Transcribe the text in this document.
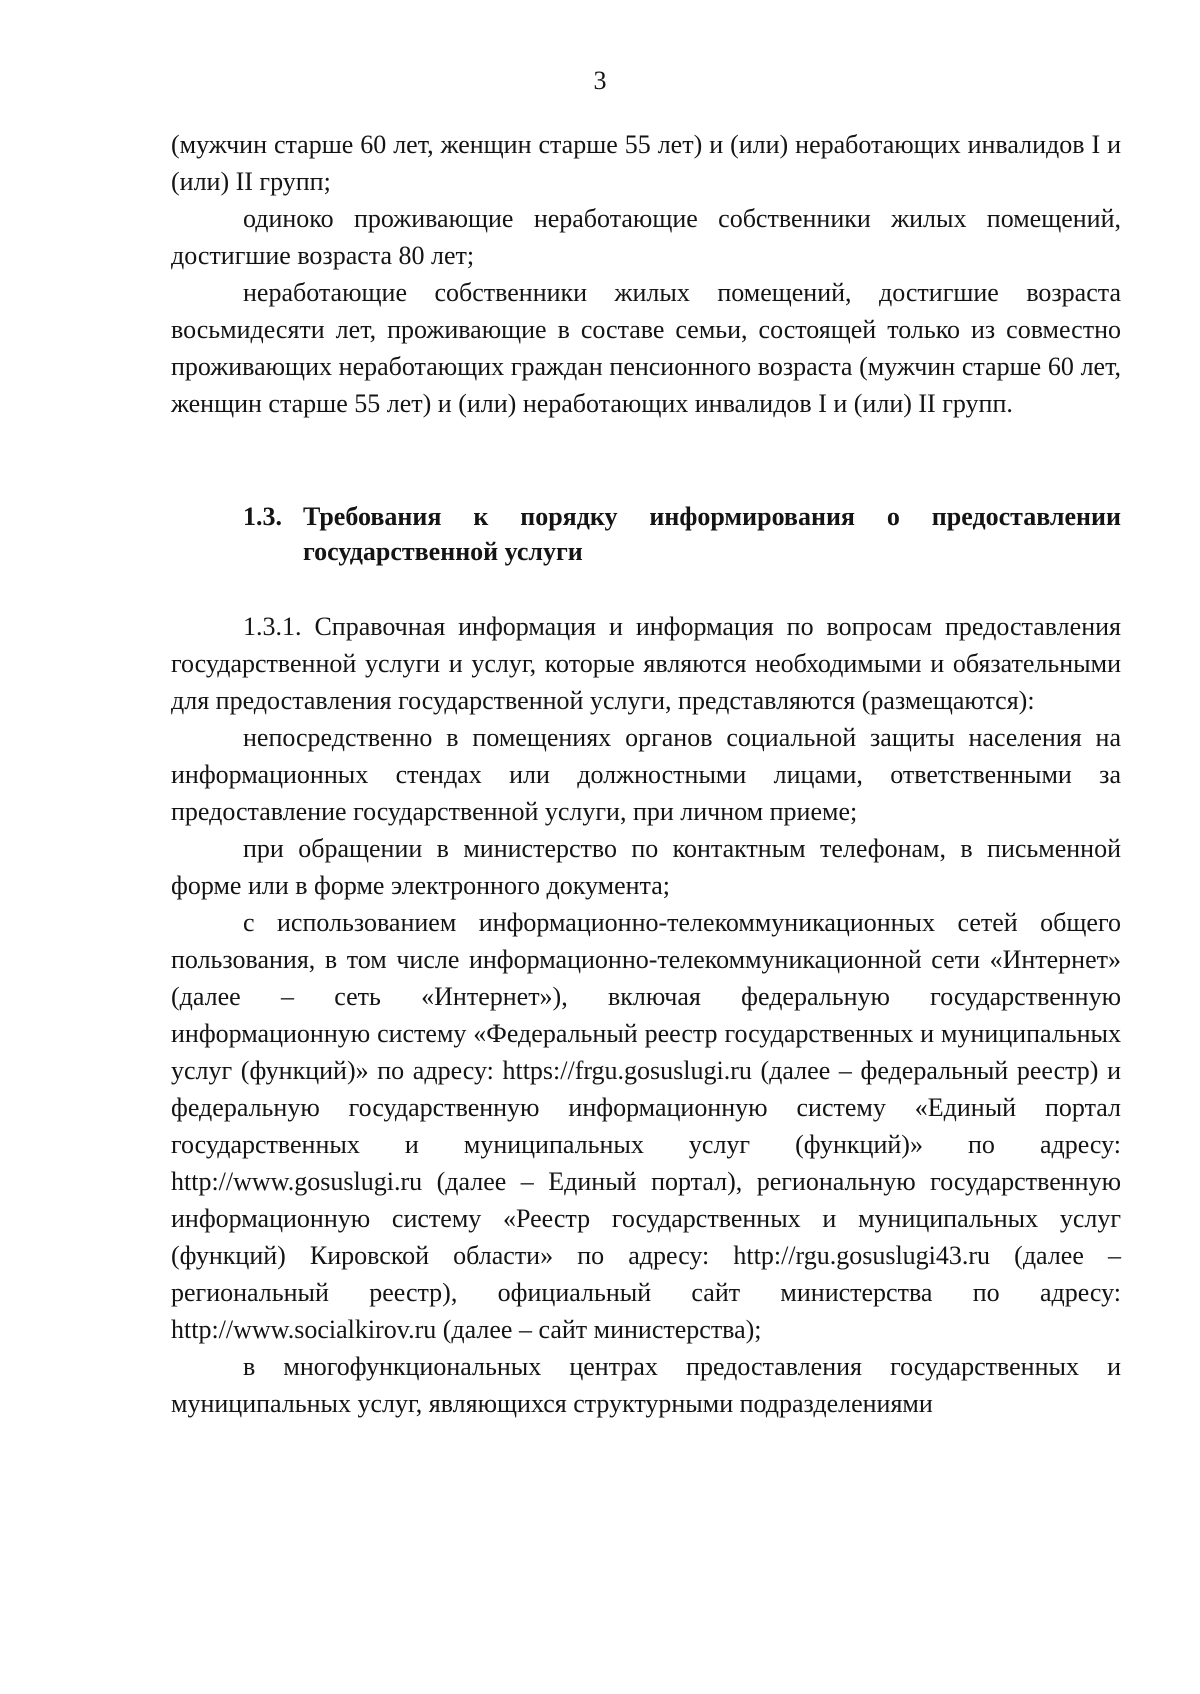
3

(мужчин старше 60 лет, женщин старше 55 лет) и (или) неработающих инвалидов I и (или) II групп;

одиноко проживающие неработающие собственники жилых помещений, достигшие возраста 80 лет;

неработающие собственники жилых помещений, достигшие возраста восьмидесяти лет, проживающие в составе семьи, состоящей только из совместно проживающих неработающих граждан пенсионного возраста (мужчин старше 60 лет, женщин старше 55 лет) и (или) неработающих инвалидов I и (или) II групп.

1.3. Требования к порядку информирования о предоставлении
государственной услуги

1.3.1. Справочная информация и информация по вопросам предоставления государственной услуги и услуг, которые являются необходимыми и обязательными для предоставления государственной услуги, представляются (размещаются):

непосредственно в помещениях органов социальной защиты населения на информационных стендах или должностными лицами, ответственными за предоставление государственной услуги, при личном приеме;

при обращении в министерство по контактным телефонам, в письменной форме или в форме электронного документа;

с использованием информационно-телекоммуникационных сетей общего пользования, в том числе информационно-телекоммуникационной сети «Интернет» (далее – сеть «Интернет»), включая федеральную государственную информационную систему «Федеральный реестр государственных и муниципальных услуг (функций)» по адресу: https://frgu.gosuslugi.ru (далее – федеральный реестр) и федеральную государственную информационную систему «Единый портал государственных и муниципальных услуг (функций)» по адресу: http://www.gosuslugi.ru (далее – Единый портал), региональную государственную информационную систему «Реестр государственных и муниципальных услуг (функций) Кировской области» по адресу: http://rgu.gosuslugi43.ru (далее – региональный реестр), официальный сайт министерства по адресу: http://www.socialkirov.ru (далее – сайт министерства);

в многофункциональных центрах предоставления государственных и муниципальных услуг, являющихся структурными подразделениями
